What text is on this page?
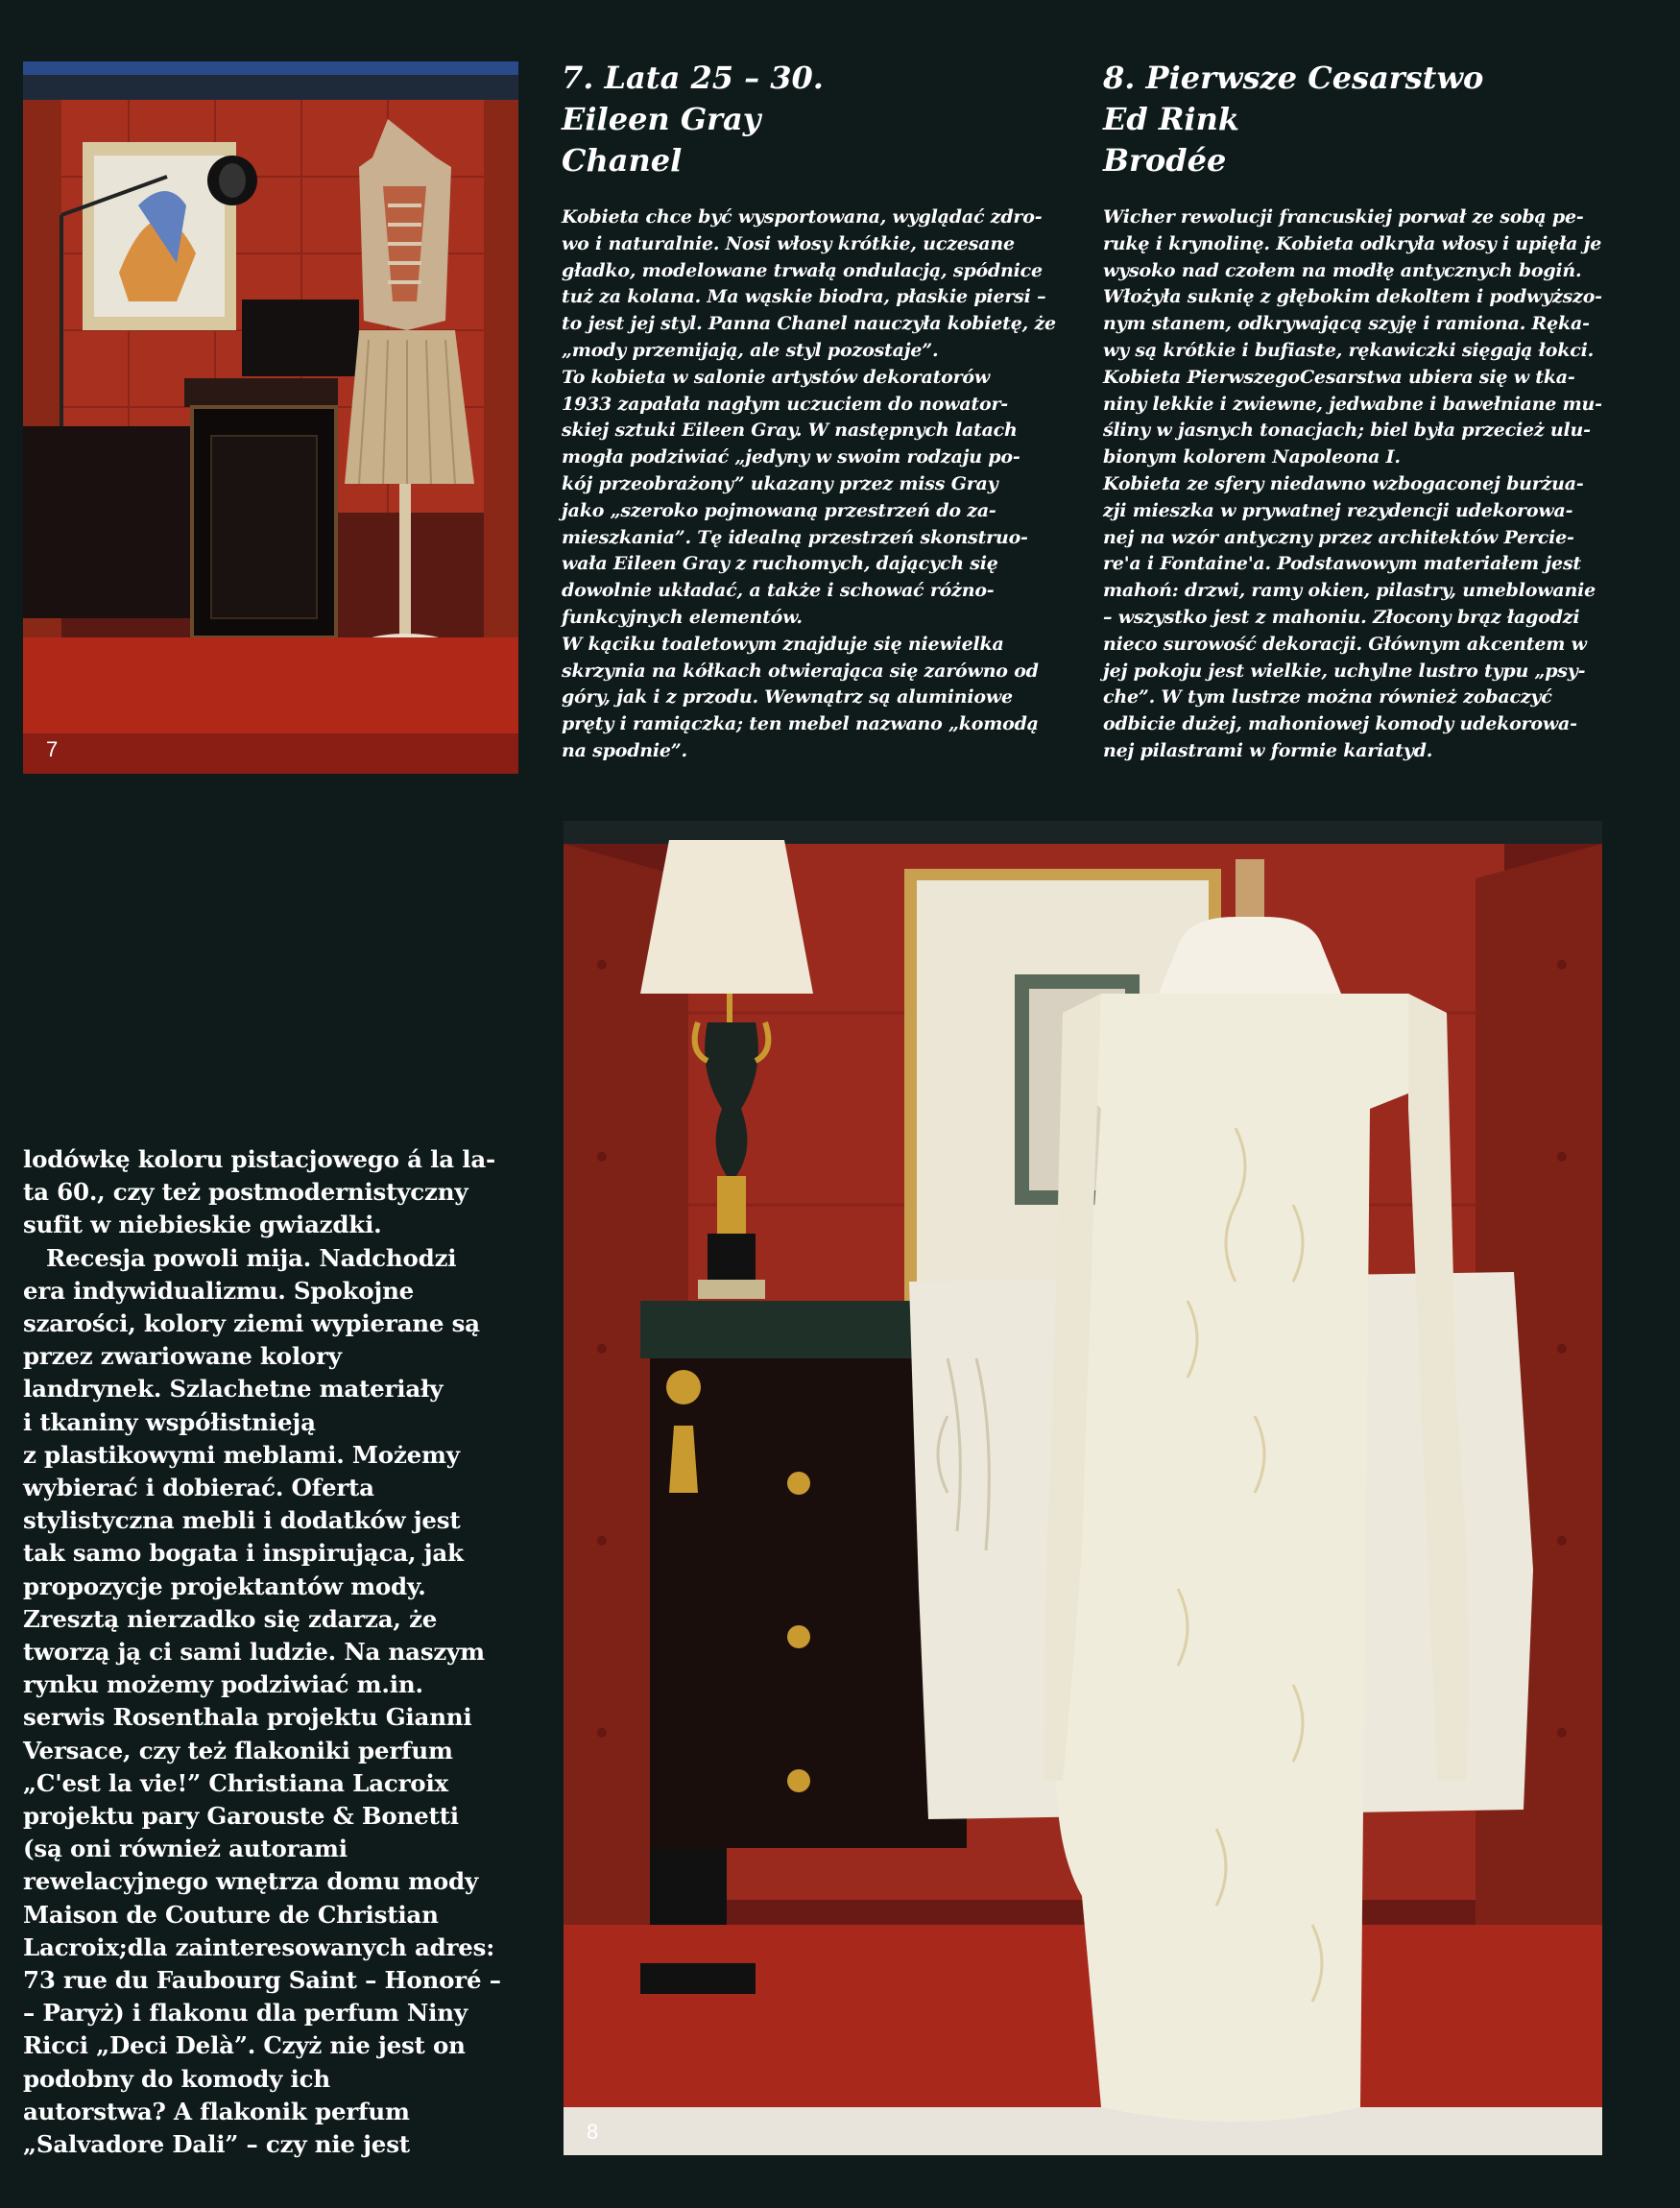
7
7. Lata 25 – 30.
Eileen Gray
Chanel

Kobieta chce być wysportowana, wyglądać zdro-

wo i naturalnie. Nosi włosy krótkie, uczesane

gładko, modelowane trwałą ondulacją, spódnice

tuż za kolana. Ma wąskie biodra, płaskie piersi –

to jest jej styl. Panna Chanel nauczyła kobietę, że

„mody przemijają, ale styl pozostaje”.

To kobieta w salonie artystów dekoratorów

1933 zapałała nagłym uczuciem do nowator-

skiej sztuki Eileen Gray. W następnych latach

mogła podziwiać „jedyny w swoim rodzaju po-

kój przeobrażony” ukazany przez miss Gray

jako „szeroko pojmowaną przestrzeń do za-

mieszkania”. Tę idealną przestrzeń skonstruo-

wała Eileen Gray z ruchomych, dających się

dowolnie układać, a także i schować różno-

funkcyjnych elementów.

W kąciku toaletowym znajduje się niewielka

skrzynia na kółkach otwierająca się zarówno od

góry, jak i z przodu. Wewnątrz są aluminiowe

pręty i ramiączka; ten mebel nazwano „komodą

na spodnie”.

8. Pierwsze Cesarstwo
Ed Rink
Brodée

Wicher rewolucji francuskiej porwał ze sobą pe-

rukę i krynolinę. Kobieta odkryła włosy i upięła je

wysoko nad czołem na modłę antycznych bogiń.

Włożyła suknię z głębokim dekoltem i podwyższo-

nym stanem, odkrywającą szyję i ramiona. Ręka-

wy są krótkie i bufiaste, rękawiczki sięgają łokci.

Kobieta PierwszegoCesarstwa ubiera się w tka-

niny lekkie i zwiewne, jedwabne i bawełniane mu-

śliny w jasnych tonacjach; biel była przecież ulu-

bionym kolorem Napoleona I.

Kobieta ze sfery niedawno wzbogaconej burżua-

zji mieszka w prywatnej rezydencji udekorowa-

nej na wzór antyczny przez architektów Percie-

re'a i Fontaine'a. Podstawowym materiałem jest

mahoń: drzwi, ramy okien, pilastry, umeblowanie

– wszystko jest z mahoniu. Złocony brąz łagodzi

nieco surowość dekoracji. Głównym akcentem w

jej pokoju jest wielkie, uchylne lustro typu „psy-

che”. W tym lustrze można również zobaczyć

odbicie dużej, mahoniowej komody udekorowa-

nej pilastrami w formie kariatyd.

8

lodówkę koloru pistacjowego á la la-

ta 60., czy też postmodernistyczny

sufit w niebieskie gwiazdki.

Recesja powoli mija. Nadchodzi

era indywidualizmu. Spokojne

szarości, kolory ziemi wypierane są

przez zwariowane kolory

landrynek. Szlachetne materiały

i tkaniny współistnieją

z plastikowymi meblami. Możemy

wybierać i dobierać. Oferta

stylistyczna mebli i dodatków jest

tak samo bogata i inspirująca, jak

propozycje projektantów mody.

Zresztą nierzadko się zdarza, że

tworzą ją ci sami ludzie. Na naszym

rynku możemy podziwiać m.in.

serwis Rosenthala projektu Gianni

Versace, czy też flakoniki perfum

„C'est la vie!” Christiana Lacroix

projektu pary Garouste & Bonetti

(są oni również autorami

rewelacyjnego wnętrza domu mody

Maison de Couture de Christian

Lacroix;dla zainteresowanych adres:

73 rue du Faubourg Saint – Honoré –

– Paryż) i flakonu dla perfum Niny

Ricci „Deci Delà”. Czyż nie jest on

podobny do komody ich

autorstwa? A flakonik perfum

„Salvadore Dali” – czy nie jest
